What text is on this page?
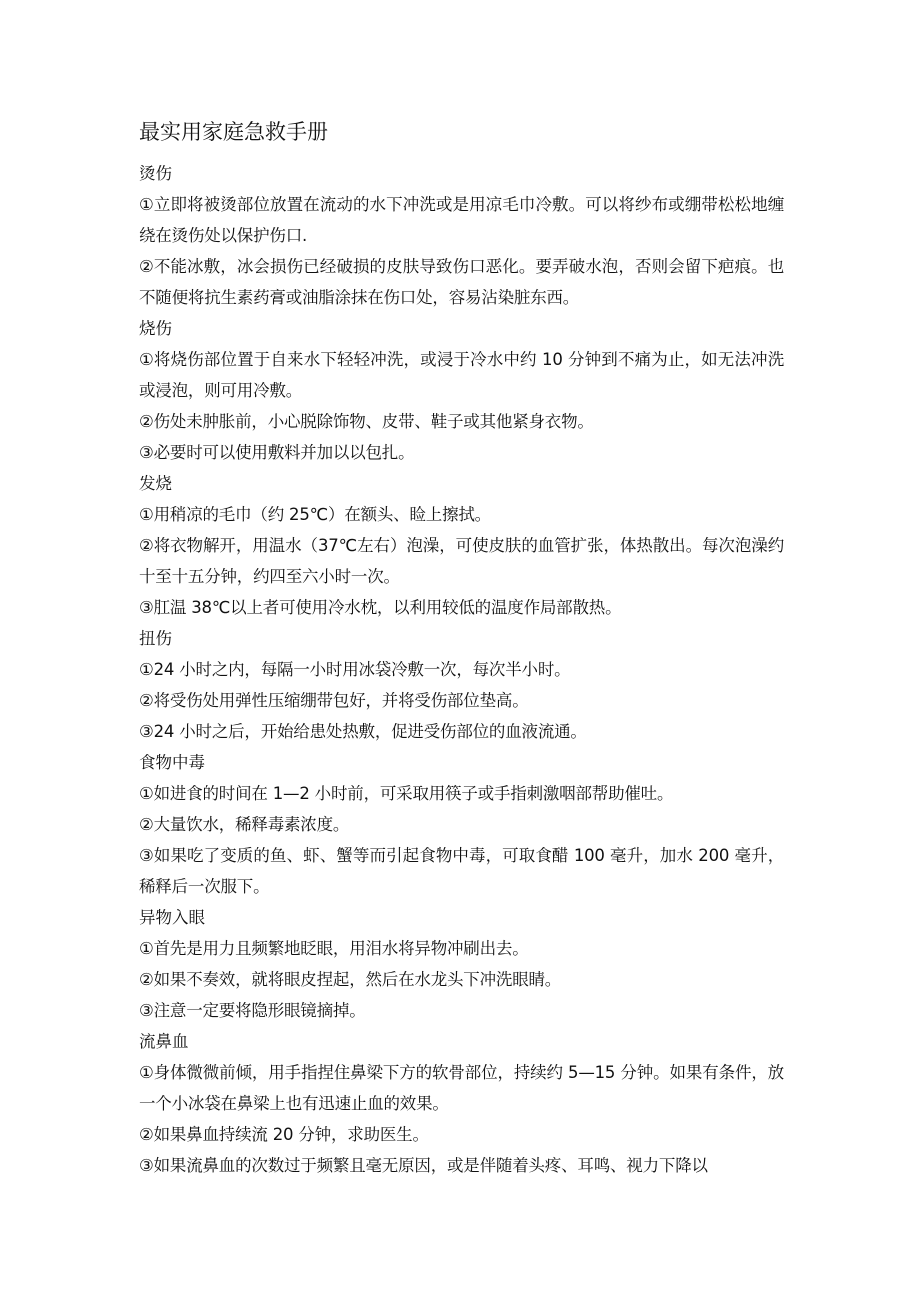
最实用家庭急救手册

烫伤

①立即将被烫部位放置在流动的水下冲洗或是用凉毛巾冷敷。可以将纱布或绷带松松地缠绕在烫伤处以保护伤口.

②不能冰敷，冰会损伤已经破损的皮肤导致伤口恶化。要弄破水泡，否则会留下疤痕。也不随便将抗生素药膏或油脂涂抹在伤口处，容易沾染脏东西。

烧伤

①将烧伤部位置于自来水下轻轻冲洗，或浸于冷水中约 10 分钟到不痛为止，如无法冲洗或浸泡，则可用冷敷。

②伤处未肿胀前，小心脱除饰物、皮带、鞋子或其他紧身衣物。

③必要时可以使用敷料并加以以包扎。

发烧

①用稍凉的毛巾（约 25℃）在额头、睑上擦拭。

②将衣物解开，用温水（37℃左右）泡澡，可使皮肤的血管扩张，体热散出。每次泡澡约十至十五分钟，约四至六小时一次。

③肛温 38℃以上者可使用冷水枕，以利用较低的温度作局部散热。

扭伤

①24 小时之内，每隔一小时用冰袋冷敷一次，每次半小时。

②将受伤处用弹性压缩绷带包好，并将受伤部位垫高。

③24 小时之后，开始给患处热敷，促进受伤部位的血液流通。

食物中毒

①如进食的时间在 1—2 小时前，可采取用筷子或手指刺激咽部帮助催吐。

②大量饮水，稀释毒素浓度。

③如果吃了变质的鱼、虾、蟹等而引起食物中毒，可取食醋 100 毫升，加水 200 毫升，稀释后一次服下。

异物入眼

①首先是用力且频繁地眨眼，用泪水将异物冲刷出去。

②如果不奏效，就将眼皮捏起，然后在水龙头下冲洗眼睛。

③注意一定要将隐形眼镜摘掉。

流鼻血

①身体微微前倾，用手指捏住鼻梁下方的软骨部位，持续约 5—15 分钟。如果有条件，放一个小冰袋在鼻梁上也有迅速止血的效果。

②如果鼻血持续流 20 分钟，求助医生。

③如果流鼻血的次数过于频繁且毫无原因，或是伴随着头疼、耳鸣、视力下降以
